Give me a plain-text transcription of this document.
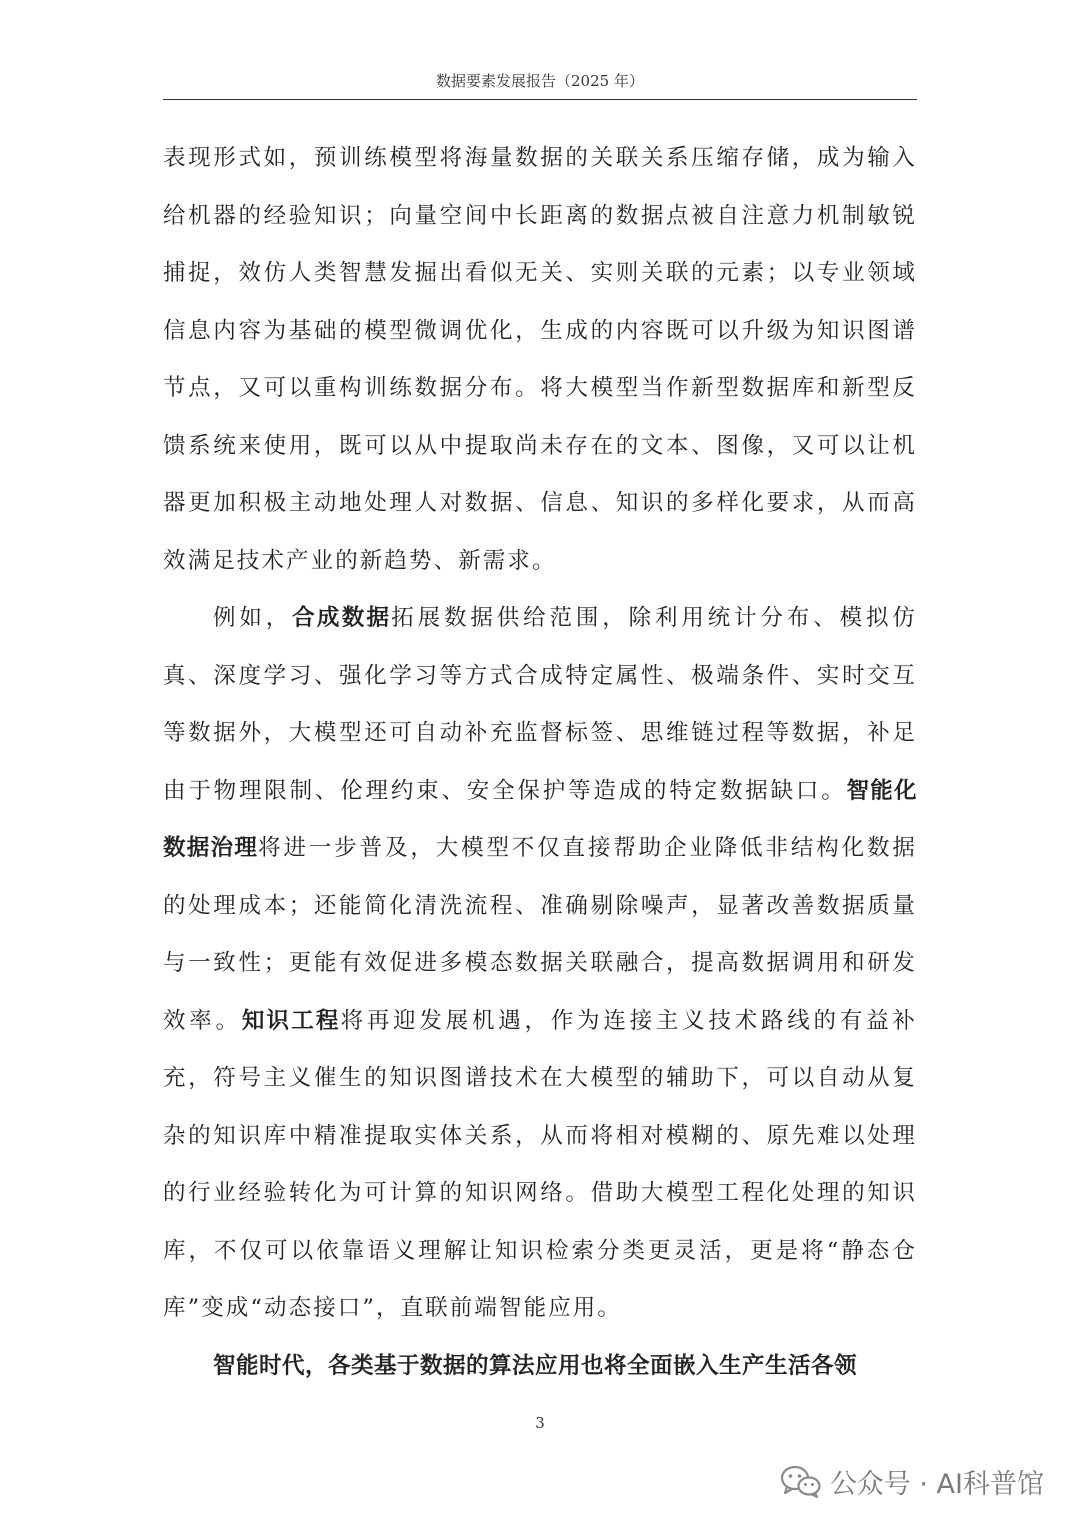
数据要素发展报告（2025 年）

表现形式如，预训练模型将海量数据的关联关系压缩存储，成为输入给机器的经验知识；向量空间中长距离的数据点被自注意力机制敏锐捕捉，效仿人类智慧发掘出看似无关、实则关联的元素；以专业领域信息内容为基础的模型微调优化，生成的内容既可以升级为知识图谱节点，又可以重构训练数据分布。将大模型当作新型数据库和新型反馈系统来使用，既可以从中提取尚未存在的文本、图像，又可以让机器更加积极主动地处理人对数据、信息、知识的多样化要求，从而高效满足技术产业的新趋势、新需求。

例如，合成数据拓展数据供给范围，除利用统计分布、模拟仿真、深度学习、强化学习等方式合成特定属性、极端条件、实时交互等数据外，大模型还可自动补充监督标签、思维链过程等数据，补足由于物理限制、伦理约束、安全保护等造成的特定数据缺口。智能化数据治理将进一步普及，大模型不仅直接帮助企业降低非结构化数据的处理成本；还能简化清洗流程、准确剔除噪声，显著改善数据质量与一致性；更能有效促进多模态数据关联融合，提高数据调用和研发效率。知识工程将再迎发展机遇，作为连接主义技术路线的有益补充，符号主义催生的知识图谱技术在大模型的辅助下，可以自动从复杂的知识库中精准提取实体关系，从而将相对模糊的、原先难以处理的行业经验转化为可计算的知识网络。借助大模型工程化处理的知识库，不仅可以依靠语义理解让知识检索分类更灵活，更是将“静态仓库”变成“动态接口”，直联前端智能应用。

智能时代，各类基于数据的算法应用也将全面嵌入生产生活各领

3
公众号 · AI科普馆
